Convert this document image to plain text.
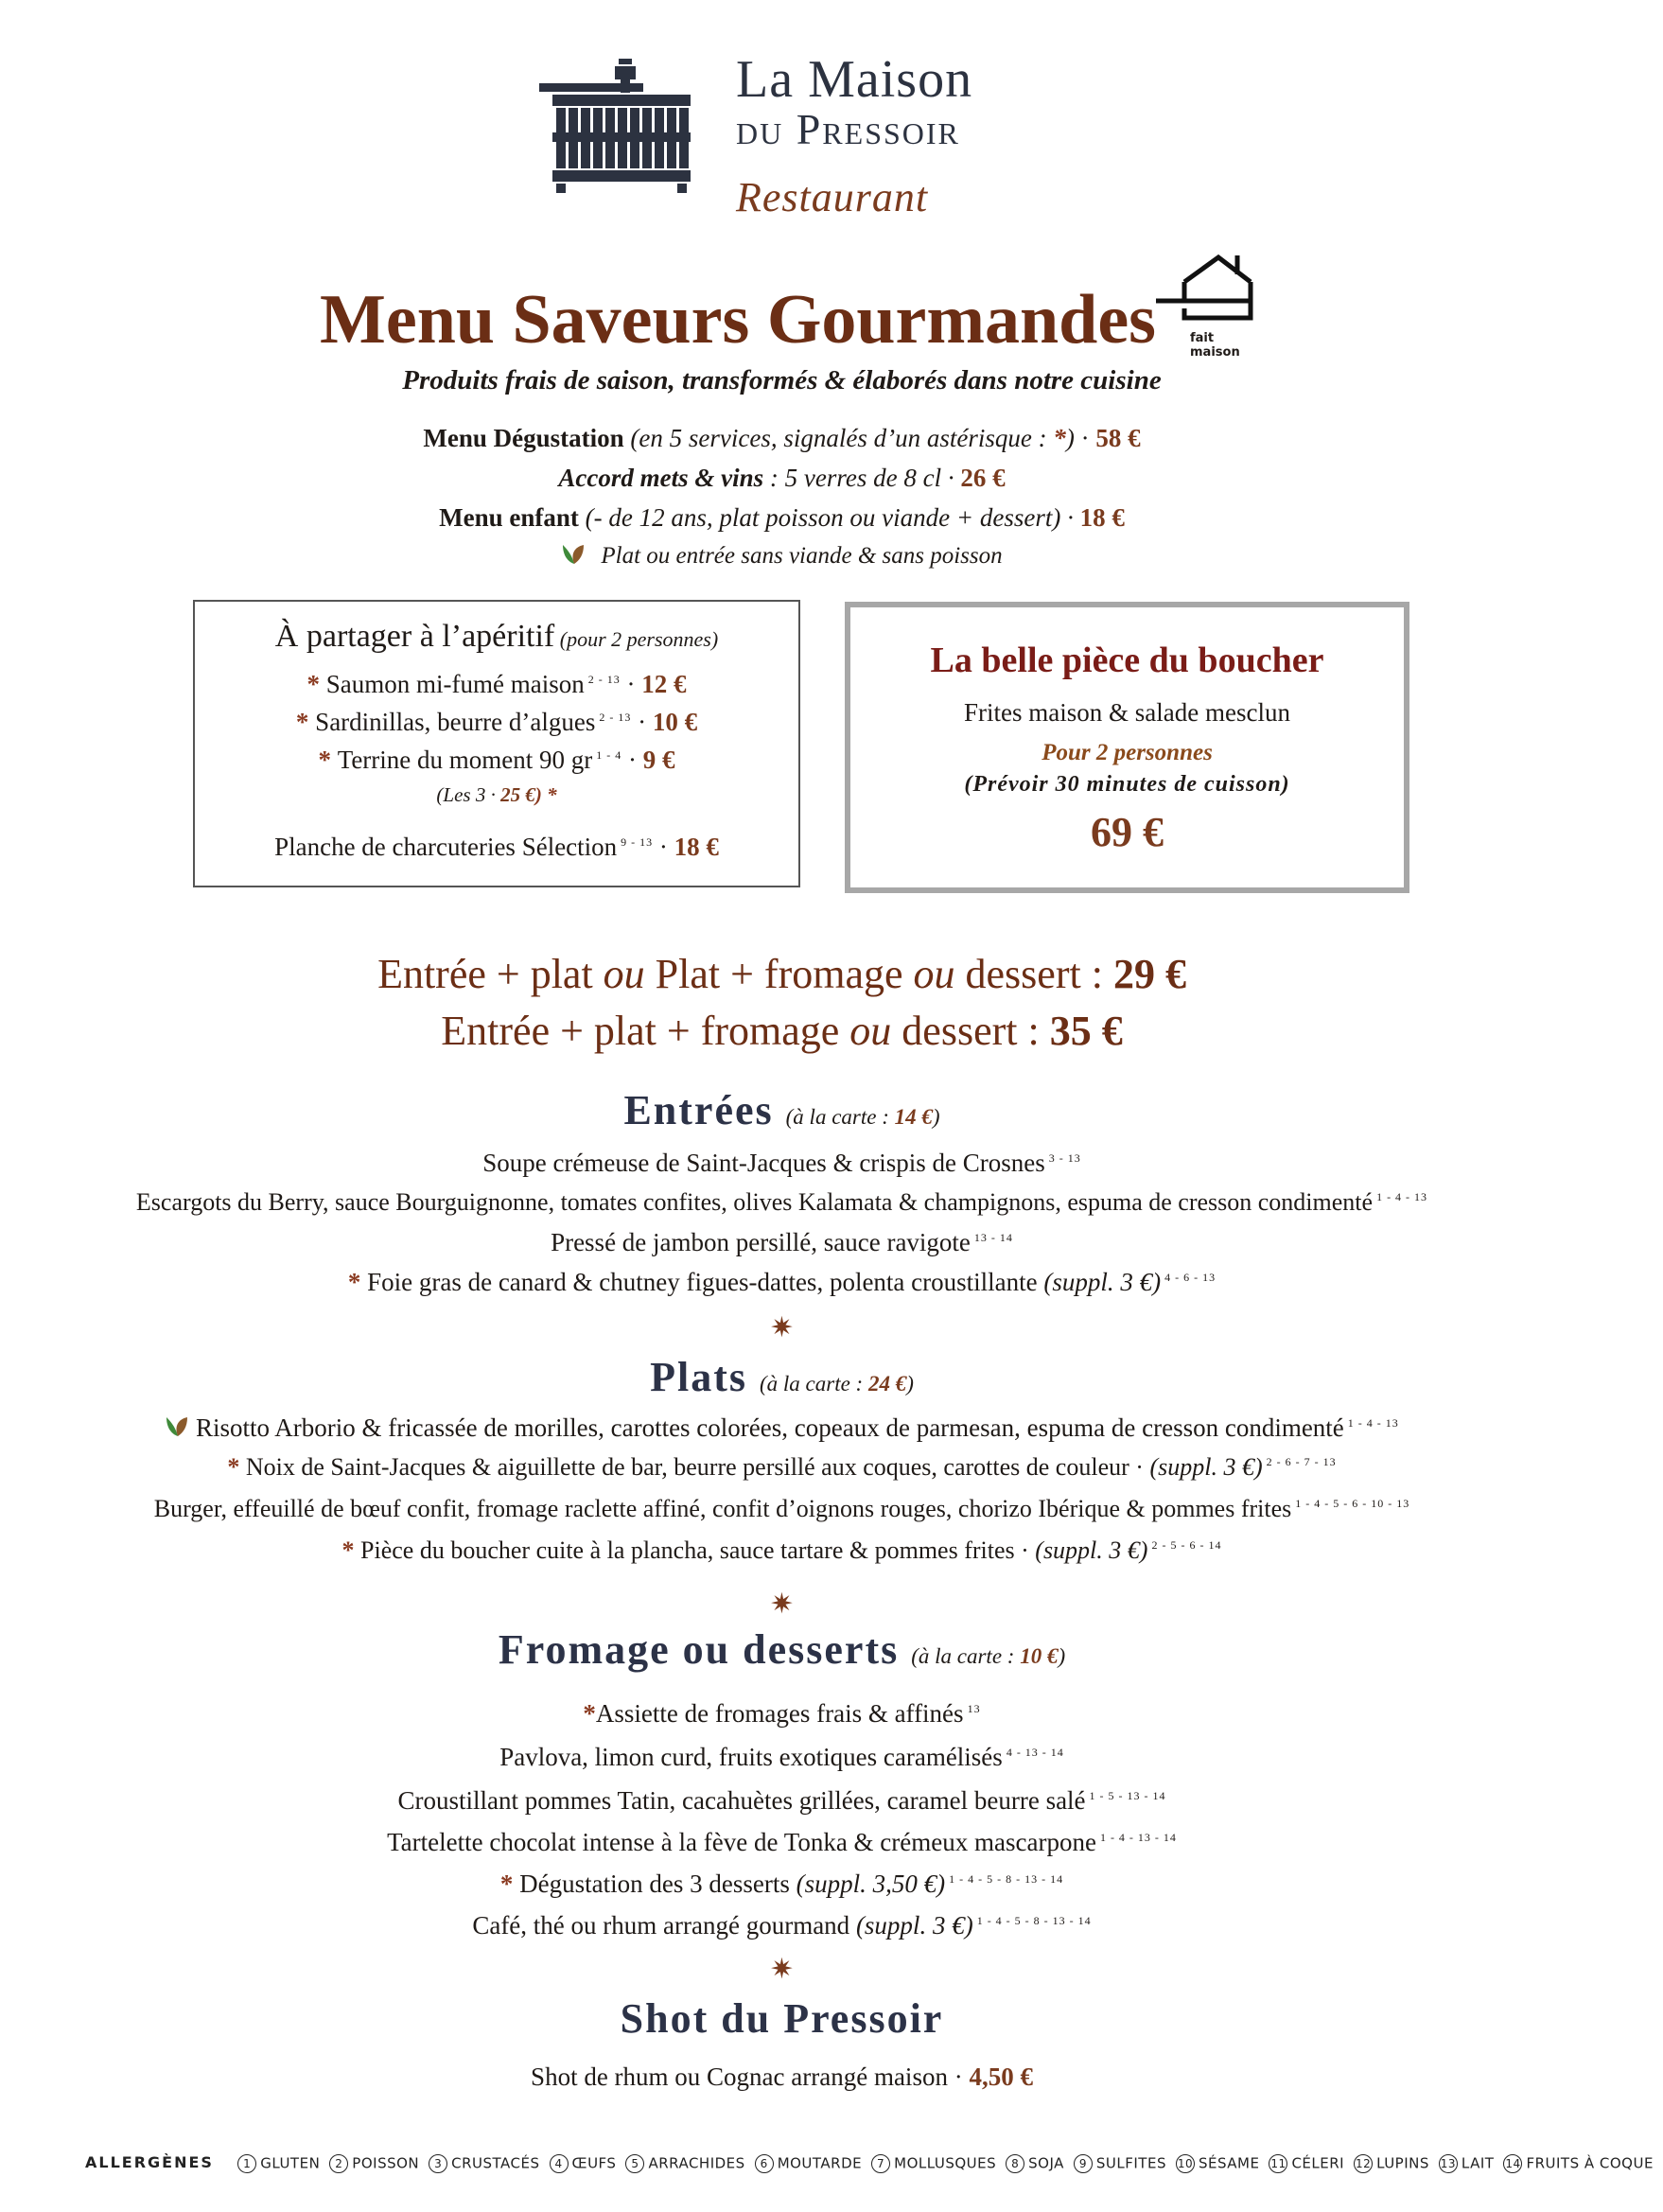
La Maison
du Pressoir
Restaurant
Menu Saveurs Gourmandes	fait maison
Produits frais de saison, transformés & élaborés dans notre cuisine
Menu Dégustation (en 5 services, signalés d’un astérisque : *) · 58 €
Accord mets & vins : 5 verres de 8 cl · 26 €
Menu enfant (- de 12 ans, plat poisson ou viande + dessert) · 18 €
Plat ou entrée sans viande & sans poisson
À partager à l’apéritif (pour 2 personnes)
* Saumon mi-fumé maison $^{2 - 13}$ · 12 €
* Sardinillas, beurre d’algues $^{2 - 13}$ · 10 €
* Terrine du moment 90 gr $^{1 - 4}$ · 9 €
(Les 3 · 25 €) *
Planche de charcuteries Sélection $^{9 - 13}$ · 18 €
La belle pièce du boucher
Frites maison & salade mesclun
Pour 2 personnes
(Prévoir 30 minutes de cuisson)
69 €
Entrée + plat ou Plat + fromage ou dessert : 29 €
Entrée + plat + fromage ou dessert : 35 €
Entrées (à la carte : 14 €)
Soupe crémeuse de Saint-Jacques & crispis de Crosnes $^{3 - 13}$
Escargots du Berry, sauce Bourguignonne, tomates confites, olives Kalamata & champignons, espuma de cresson condimenté $^{1 - 4 - 13}$
Pressé de jambon persillé, sauce ravigote $^{13 - 14}$
* Foie gras de canard & chutney figues-dattes, polenta croustillante (suppl. 3 €) $^{4 - 6 - 13}$
✷
Plats (à la carte : 24 €)
Risotto Arborio & fricassée de morilles, carottes colorées, copeaux de parmesan, espuma de cresson condimenté $^{1 - 4 - 13}$
* Noix de Saint-Jacques & aiguillette de bar, beurre persillé aux coques, carottes de couleur · (suppl. 3 €) $^{2 - 6 - 7 - 13}$
Burger, effeuillé de bœuf confit, fromage raclette affiné, confit d’oignons rouges, chorizo Ibérique & pommes frites $^{1 - 4 - 5 - 6 - 10 - 13}$
* Pièce du boucher cuite à la plancha, sauce tartare & pommes frites · (suppl. 3 €) $^{2 - 5 - 6 - 14}$
✷
Fromage ou desserts (à la carte : 10 €)
*Assiette de fromages frais & affinés $^{13}$
Pavlova, limon curd, fruits exotiques caramélisés $^{4 - 13 - 14}$
Croustillant pommes Tatin, cacahuètes grillées, caramel beurre salé $^{1 - 5 - 13 - 14}$
Tartelette chocolat intense à la fève de Tonka & crémeux mascarpone $^{1 - 4 - 13 - 14}$
* Dégustation des 3 desserts (suppl. 3,50 €) $^{1 - 4 - 5 - 8 - 13 - 14}$
Café, thé ou rhum arrangé gourmand (suppl. 3 €) $^{1 - 4 - 5 - 8 - 13 - 14}$
✷
Shot du Pressoir
Shot de rhum ou Cognac arrangé maison · 4,50 €
ALLERGÈNES	1 GLUTEN 2 POISSON 3 CRUSTACÉS 4 ŒUFS 5 ARRACHIDES 6 MOUTARDE 7 MOLLUSQUES 8 SOJA 9 SULFITES 10 SÉSAME 11 CÉLERI 12 LUPINS 13 LAIT 14 FRUITS À COQUE
